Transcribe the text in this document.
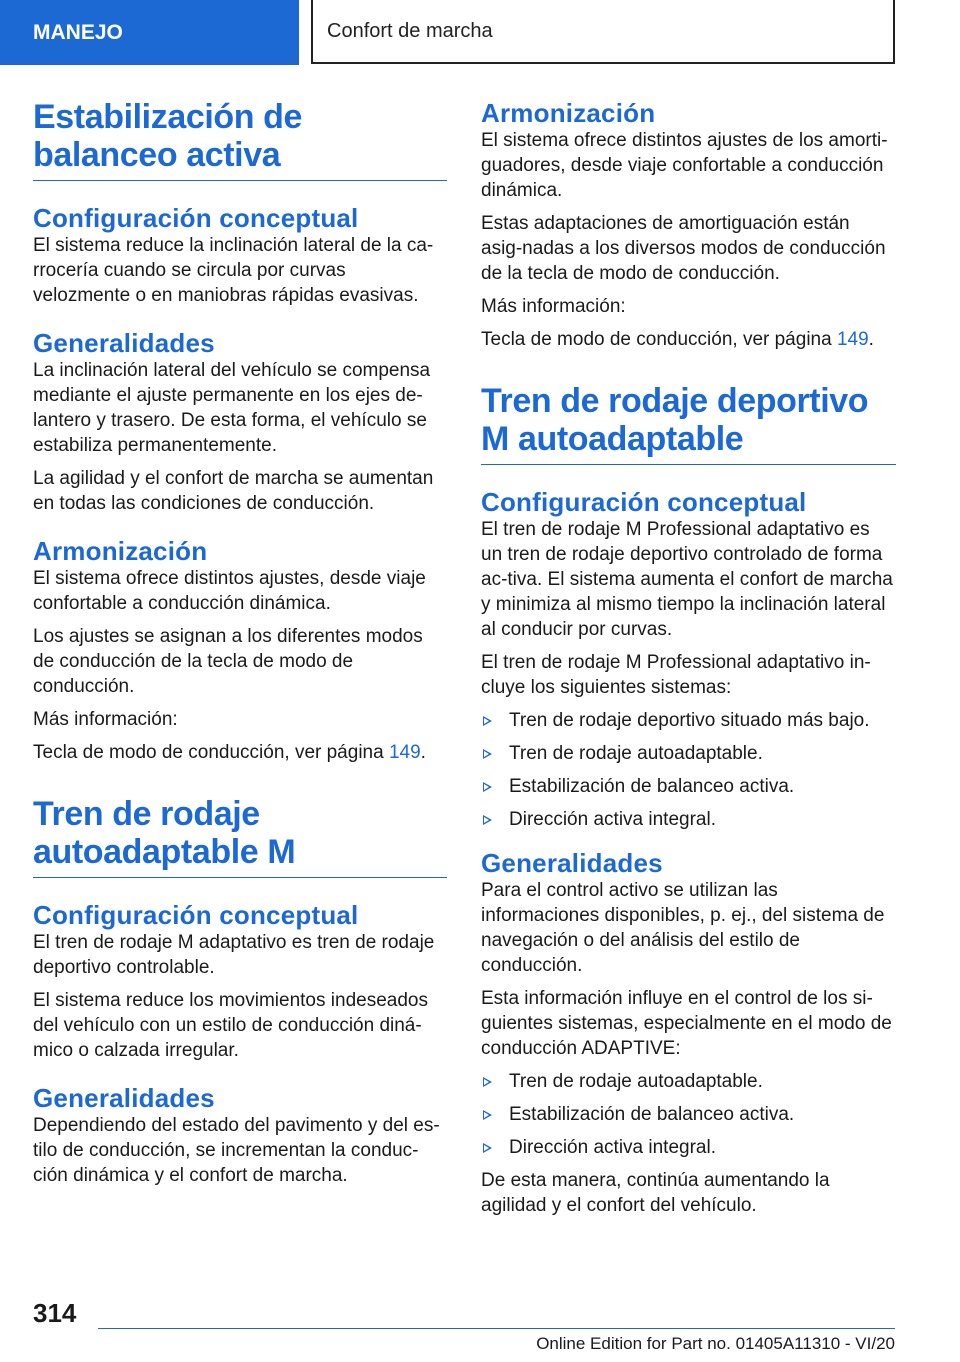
MANEJO	Confort de marcha
Estabilización de balanceo activa
Configuración conceptual

El sistema reduce la inclinación lateral de la ca-rrocería cuando se circula por curvas velozmente o en maniobras rápidas evasivas.

Generalidades

La inclinación lateral del vehículo se compensa mediante el ajuste permanente en los ejes de-lantero y trasero. De esta forma, el vehículo se estabiliza permanentemente.

La agilidad y el confort de marcha se aumentan en todas las condiciones de conducción.

Armonización

El sistema ofrece distintos ajustes, desde viaje confortable a conducción dinámica.

Los ajustes se asignan a los diferentes modos de conducción de la tecla de modo de conducción.

Más información:

Tecla de modo de conducción, ver página 149.

Tren de rodaje autoadaptable M
Configuración conceptual

El tren de rodaje M adaptativo es tren de rodaje deportivo controlable.

El sistema reduce los movimientos indeseados del vehículo con un estilo de conducción diná-mico o calzada irregular.

Generalidades

Dependiendo del estado del pavimento y del es-tilo de conducción, se incrementan la conduc-ción dinámica y el confort de marcha.

Armonización

El sistema ofrece distintos ajustes de los amorti-guadores, desde viaje confortable a conducción dinámica.

Estas adaptaciones de amortiguación están asig-nadas a los diversos modos de conducción de la tecla de modo de conducción.

Más información:

Tecla de modo de conducción, ver página 149.

Tren de rodaje deportivo M autoadaptable
Configuración conceptual

El tren de rodaje M Professional adaptativo es un tren de rodaje deportivo controlado de forma ac-tiva. El sistema aumenta el confort de marcha y minimiza al mismo tiempo la inclinación lateral al conducir por curvas.

El tren de rodaje M Professional adaptativo in-cluye los siguientes sistemas:

Tren de rodaje deportivo situado más bajo.
Tren de rodaje autoadaptable.
Estabilización de balanceo activa.
Dirección activa integral.
Generalidades

Para el control activo se utilizan las informaciones disponibles, p. ej., del sistema de navegación o del análisis del estilo de conducción.

Esta información influye en el control de los si-guientes sistemas, especialmente en el modo de conducción ADAPTIVE:

Tren de rodaje autoadaptable.
Estabilización de balanceo activa.
Dirección activa integral.

De esta manera, continúa aumentando la agilidad y el confort del vehículo.

314
Online Edition for Part no. 01405A11310 - VI/20
